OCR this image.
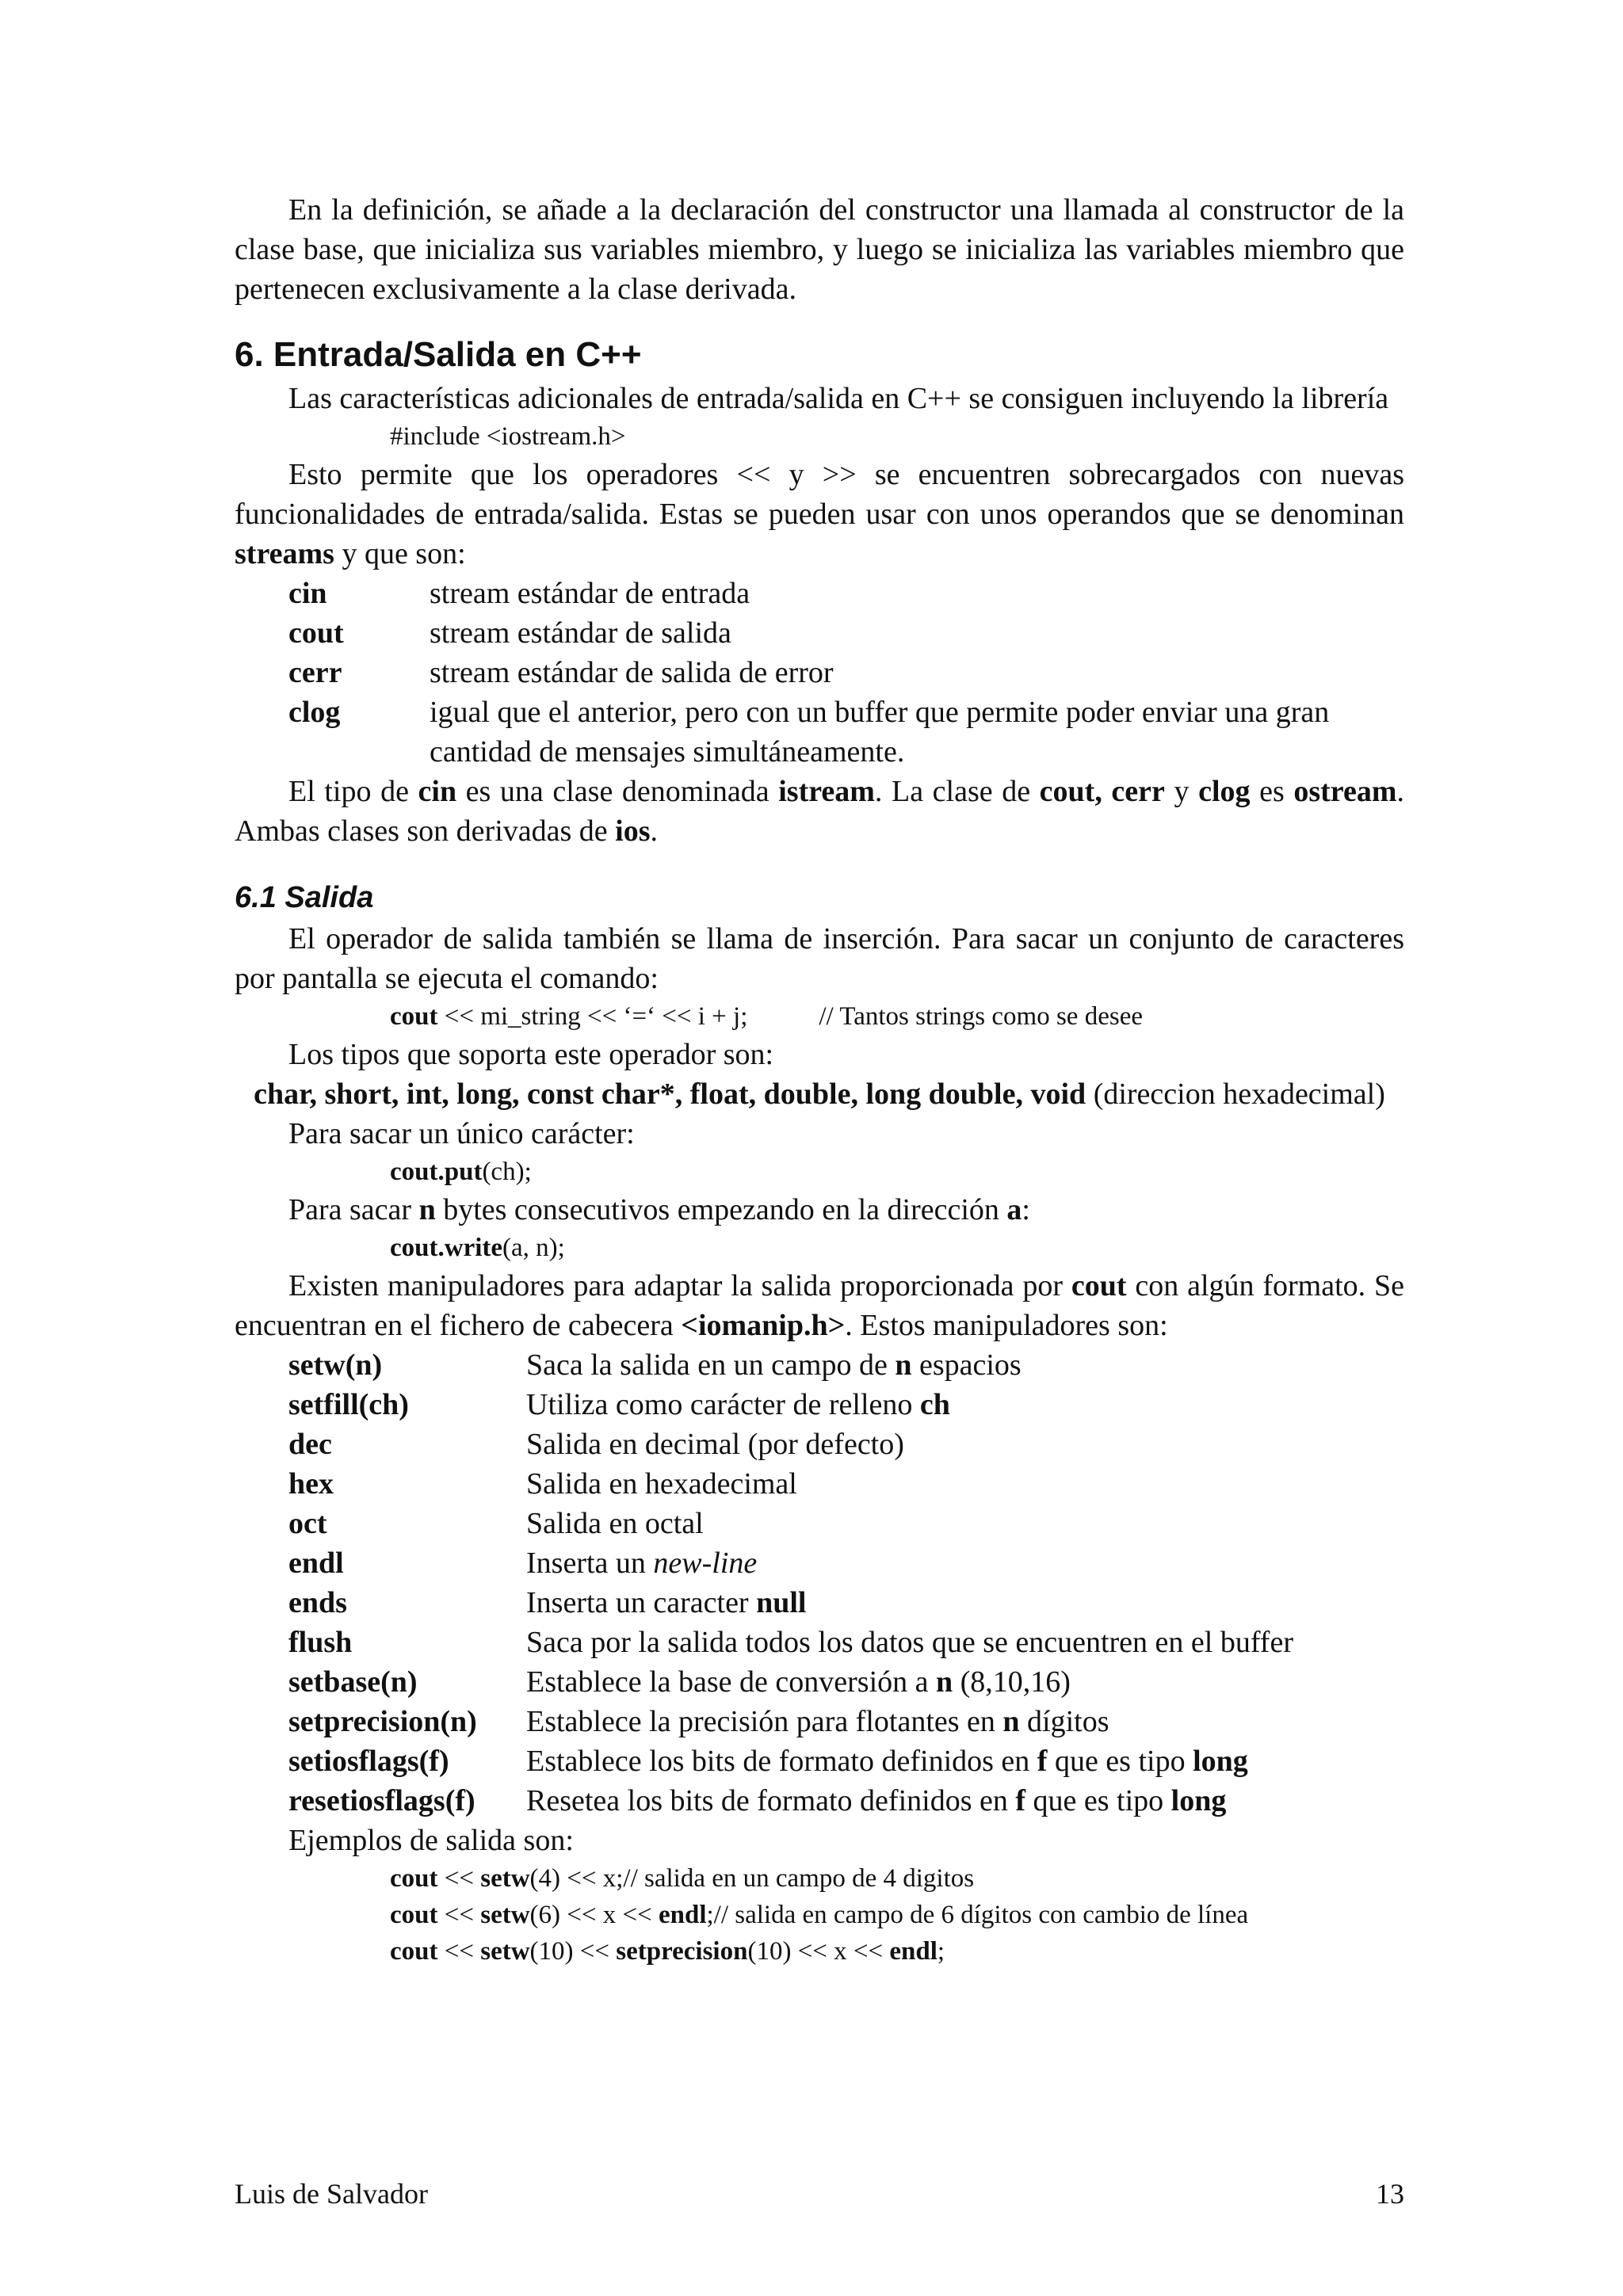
En la definición, se añade a la declaración del constructor una llamada al constructor de la clase base, que inicializa sus variables miembro, y luego se inicializa las variables miembro que pertenecen exclusivamente a la clase derivada.

6. Entrada/Salida en C++

Las características adicionales de entrada/salida en C++ se consiguen incluyendo la librería

#include <iostream.h>

Esto permite que los operadores << y >> se encuentren sobrecargados con nuevas funcionalidades de entrada/salida. Estas se pueden usar con unos operandos que se denominan streams y que son:

cin	stream estándar de entrada
cout	stream estándar de salida
cerr	stream estándar de salida de error
clog	igual que el anterior, pero con un buffer que permite poder enviar una gran cantidad de mensajes simultáneamente.

El tipo de cin es una clase denominada istream. La clase de cout, cerr y clog es ostream. Ambas clases son derivadas de ios.

6.1 Salida

El operador de salida también se llama de inserción. Para sacar un conjunto de caracteres por pantalla se ejecuta el comando:

cout << mi_string << ‘=‘ << i + j;	// Tantos strings como se desee

Los tipos que soporta este operador son:

char, short, int, long, const char*, float, double, long double, void (direccion hexadecimal)

Para sacar un único carácter:

cout.put(ch);

Para sacar n bytes consecutivos empezando en la dirección a:

cout.write(a, n);

Existen manipuladores para adaptar la salida proporcionada por cout con algún formato. Se encuentran en el fichero de cabecera <iomanip.h>. Estos manipuladores son:

setw(n)	Saca la salida en un campo de n espacios
setfill(ch)	Utiliza como carácter de relleno ch
dec	Salida en decimal (por defecto)
hex	Salida en hexadecimal
oct	Salida en octal
endl	Inserta un new-line
ends	Inserta un caracter null
flush	Saca por la salida todos los datos que se encuentren en el buffer
setbase(n)	Establece la base de conversión a n (8,10,16)
setprecision(n)	Establece la precisión para flotantes en n dígitos
setiosflags(f)	Establece los bits de formato definidos en f que es tipo long
resetiosflags(f)	Resetea los bits de formato definidos en f que es tipo long

Ejemplos de salida son:

cout << setw(4) << x;// salida en un campo de 4 digitos
cout << setw(6) << x << endl;// salida en campo de 6 dígitos con cambio de línea
cout << setw(10) << setprecision(10) << x << endl;
Luis de Salvador	13
